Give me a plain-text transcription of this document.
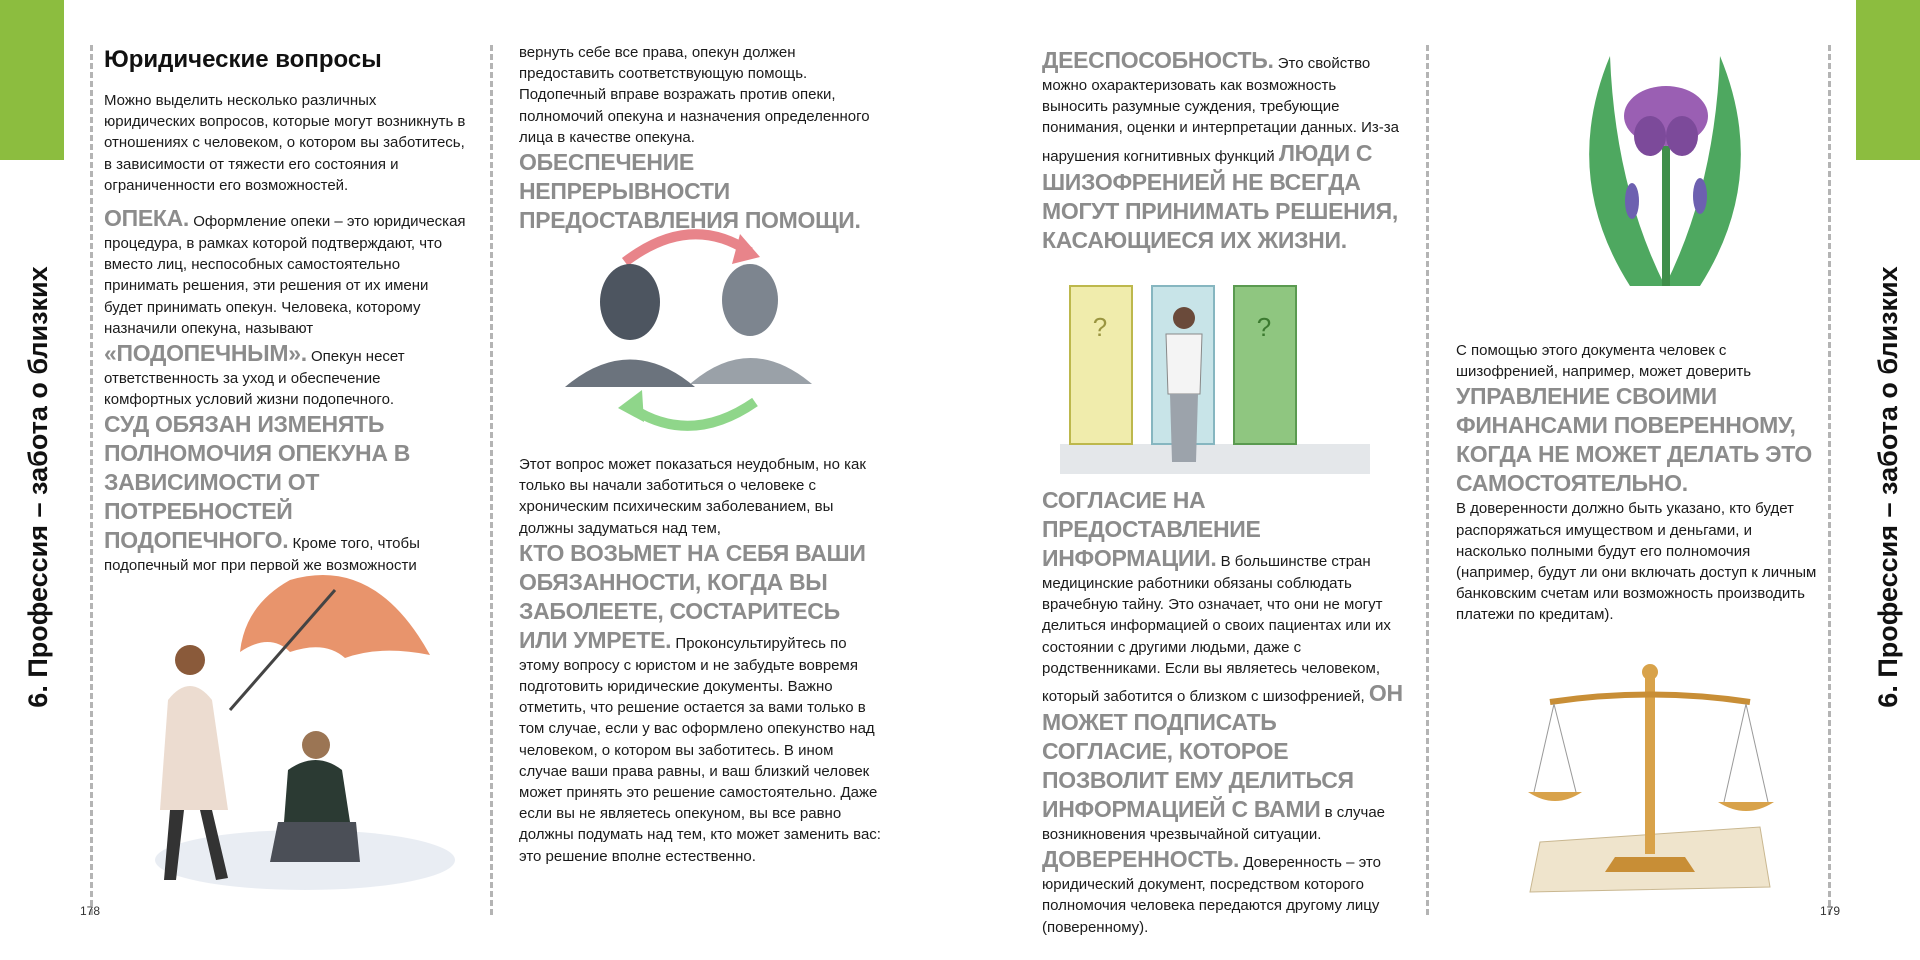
6. Профессия – забота о близких
Юридические вопросы

Можно выделить несколько различных юридических вопросов, которые могут возникнуть в отношениях с человеком, о котором вы заботитесь, в зависимости от тяжести его состояния и ограниченности его возможностей.

ОПЕКА. Оформление опеки – это юридическая процедура, в рамках которой подтверждают, что вместо лиц, неспособных самостоятельно принимать решения, эти решения от их имени будет принимать опекун. Человека, которому назначили опекуна, называют «ПОДОПЕЧНЫМ». Опекун несет ответственность за уход и обеспечение комфортных условий жизни подопечного.

СУД ОБЯЗАН ИЗМЕНЯТЬ ПОЛНОМОЧИЯ ОПЕКУНА В ЗАВИСИМОСТИ ОТ ПОТРЕБНОСТЕЙ ПОДОПЕЧНОГО. Кроме того, чтобы подопечный мог при первой же возможности

вернуть себе все права, опекун должен предоставить соответствующую помощь. Подопечный вправе возражать против опеки, полномочий опекуна и назначения определенного лица в качестве опекуна.

ОБЕСПЕЧЕНИЕ НЕПРЕРЫВНОСТИ ПРЕДОСТАВЛЕНИЯ ПОМОЩИ.

Этот вопрос может показаться неудобным, но как только вы начали заботиться о человеке с хроническим психическим заболеванием, вы должны задуматься над тем,

КТО ВОЗЬМЕТ НА СЕБЯ ВАШИ ОБЯЗАННОСТИ, КОГДА ВЫ ЗАБОЛЕЕТЕ, СОСТАРИТЕСЬ ИЛИ УМРЕТЕ. Проконсультируйтесь по этому вопросу с юристом и не забудьте вовремя подготовить юридические документы. Важно отметить, что решение остается за вами только в том случае, если у вас оформлено опекунство над человеком, о котором вы заботитесь. В ином случае ваши права равны, и ваш близкий человек может принять это решение самостоятельно. Даже если вы не являетесь опекуном, вы все равно должны подумать над тем, кто может заменить вас: это решение вполне естественно.

178
6. Профессия – забота о близких

ДЕЕСПОСОБНОСТЬ. Это свойство можно охарактеризовать как возможность выносить разумные суждения, требующие понимания, оценки и интерпретации данных. Из-за нарушения когнитивных функций ЛЮДИ С ШИЗОФРЕНИЕЙ НЕ ВСЕГДА МОГУТ ПРИНИМАТЬ РЕШЕНИЯ, КАСАЮЩИЕСЯ ИХ ЖИЗНИ.

?	?

СОГЛАСИЕ НА ПРЕДОСТАВЛЕНИЕ ИНФОРМАЦИИ. В большинстве стран медицинские работники обязаны соблюдать врачебную тайну. Это означает, что они не могут делиться информацией о своих пациентах или их состоянии с другими людьми, даже с родственниками. Если вы являетесь человеком, который заботится о близком с шизофренией, ОН МОЖЕТ ПОДПИСАТЬ СОГЛАСИЕ, КОТОРОЕ ПОЗВОЛИТ ЕМУ ДЕЛИТЬСЯ ИНФОРМАЦИЕЙ С ВАМИ в случае возникновения чрезвычайной ситуации.

ДОВЕРЕННОСТЬ. Доверенность – это юридический документ, посредством которого полномочия человека передаются другому лицу (поверенному).

С помощью этого документа человек с шизофренией, например, может доверить УПРАВЛЕНИЕ СВОИМИ ФИНАНСАМИ ПОВЕРЕННОМУ, КОГДА НЕ МОЖЕТ ДЕЛАТЬ ЭТО САМОСТОЯТЕЛЬНО.

В доверенности должно быть указано, кто будет распоряжаться имуществом и деньгами, и насколько полными будут его полномочия (например, будут ли они включать доступ к личным банковским счетам или возможность производить платежи по кредитам).

179
